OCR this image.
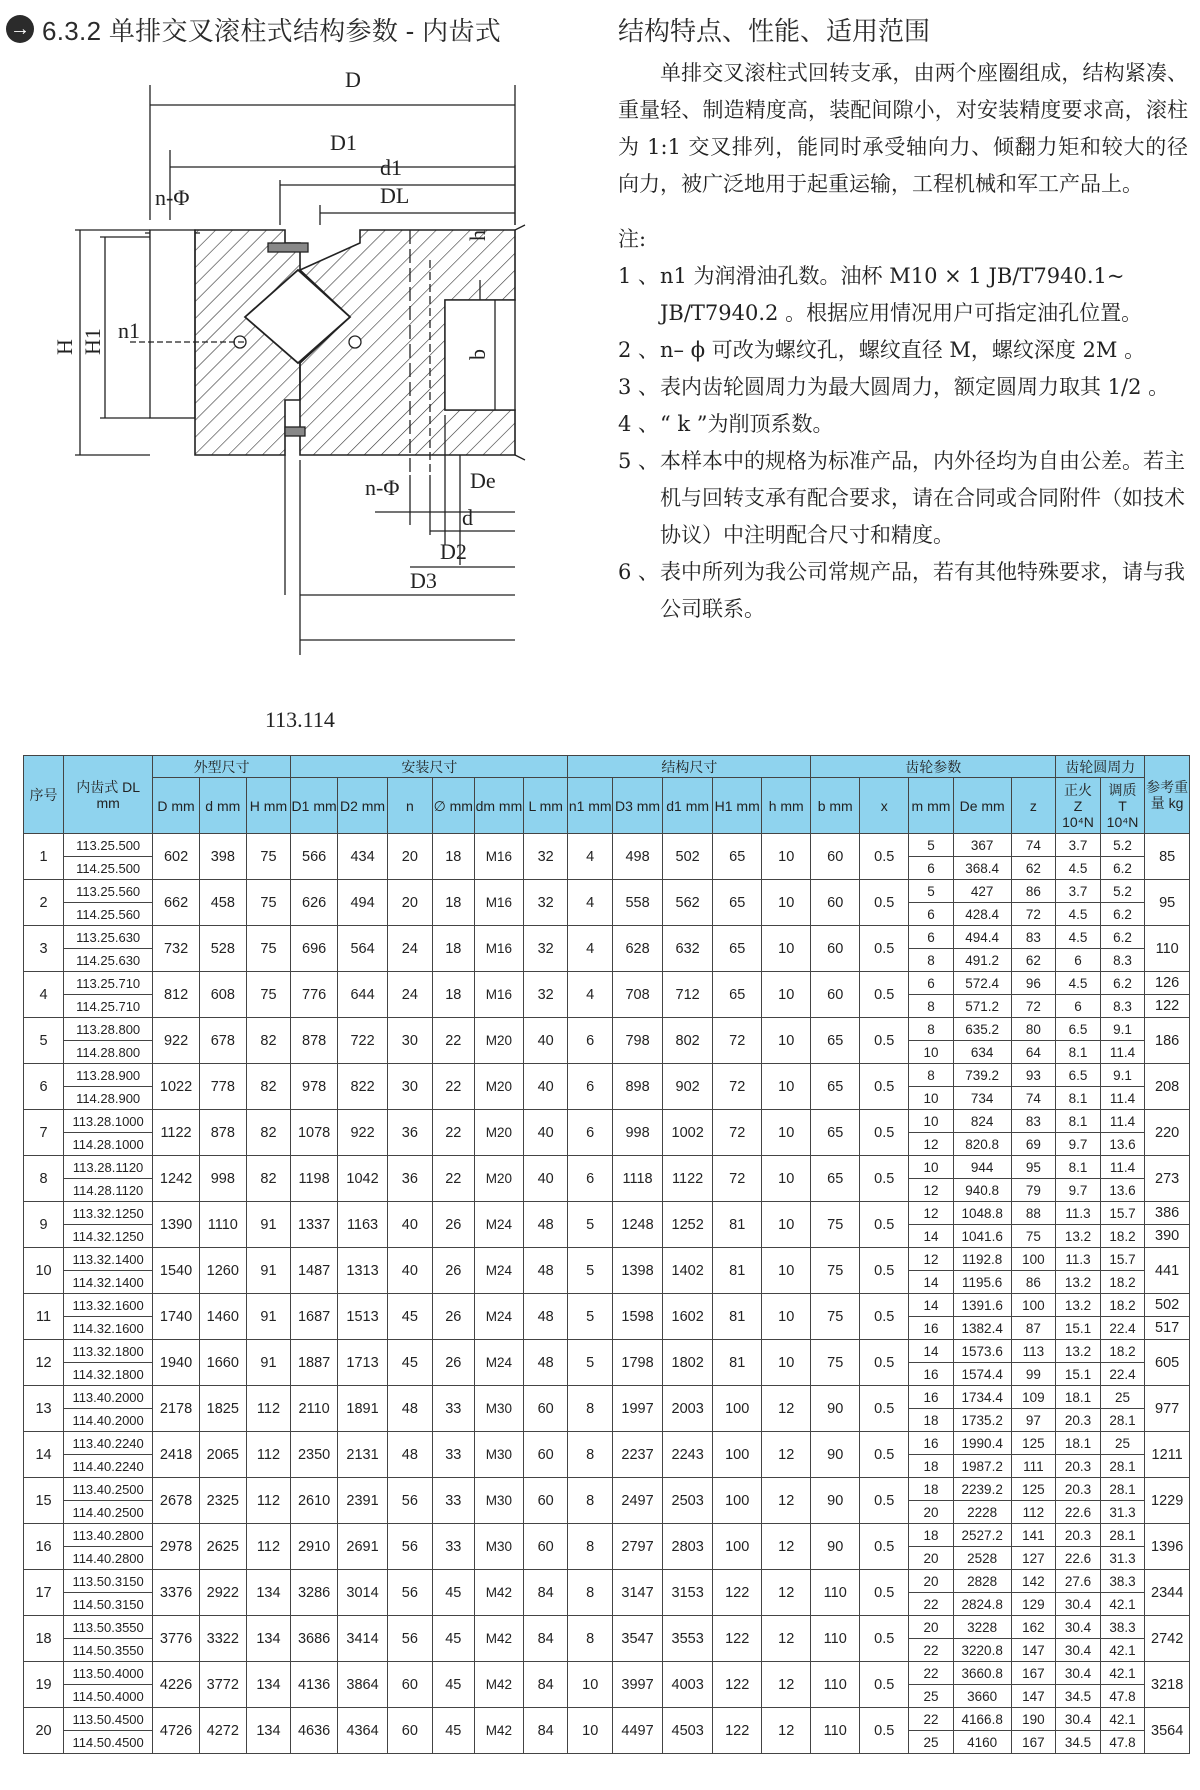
→ 6.3.2 单排交叉滚柱式结构参数 - 内齿式	结构特点、性能、适用范围
D
D1
d1
DL
n-Φ
n1
H H1
h
b
n-Φ	De
d
D2
D3
113.114
单排交叉滚柱式回转支承，由两个座圈组成，结构紧凑、重量轻、制造精度高，装配间隙小，对安装精度要求高，滚柱为 1:1 交叉排列，能同时承受轴向力、倾翻力矩和较大的径向力，被广泛地用于起重运输，工程机械和军工产品上。
注:
1 、 n1 为润滑油孔数。油杯 M10 × 1 JB/T7940.1~ JB/T7940.2 。根据应用情况用户可指定油孔位置。
2 、 n– ϕ 可改为螺纹孔，螺纹直径 M，螺纹深度 2M 。
3 、 表内齿轮圆周力为最大圆周力，额定圆周力取其 1/2 。
4 、 “ k ”为削顶系数。
5 、 本样本中的规格为标准产品，内外径均为自由公差。若主机与回转支承有配合要求，请在合同或合同附件（如技术协议）中注明配合尺寸和精度。
6 、 表中所列为我公司常规产品，若有其他特殊要求，请与我公司联系。
序号	内齿式 DL mm	外型尺寸			安装尺寸						结构尺寸					齿轮参数					齿轮圆周力		参考重量 kg
		D mm	d mm	H mm	D1 mm	D2 mm	n	∅ mm	dm mm	L mm	n1 mm	D3 mm	d1 mm	H1 mm	h mm	b mm	x	m mm	De mm	z	正火
Z
10⁴N	调质
T
10⁴N	
1	113.25.500	602	398	75	566	434	20	18	M16	32	4	498	502	65	10	60	0.5	5	367	74	3.7	5.2	85
	114.25.500																	6	368.4	62	4.5	6.2	
2	113.25.560	662	458	75	626	494	20	18	M16	32	4	558	562	65	10	60	0.5	5	427	86	3.7	5.2	95
	114.25.560																	6	428.4	72	4.5	6.2	
3	113.25.630	732	528	75	696	564	24	18	M16	32	4	628	632	65	10	60	0.5	6	494.4	83	4.5	6.2	110
	114.25.630																	8	491.2	62	6	8.3	
4	113.25.710	812	608	75	776	644	24	18	M16	32	4	708	712	65	10	60	0.5	6	572.4	96	4.5	6.2	126
	114.25.710																	8	571.2	72	6	8.3	122
5	113.28.800	922	678	82	878	722	30	22	M20	40	6	798	802	72	10	65	0.5	8	635.2	80	6.5	9.1	186
	114.28.800																	10	634	64	8.1	11.4	
6	113.28.900	1022	778	82	978	822	30	22	M20	40	6	898	902	72	10	65	0.5	8	739.2	93	6.5	9.1	208
	114.28.900																	10	734	74	8.1	11.4	
7	113.28.1000	1122	878	82	1078	922	36	22	M20	40	6	998	1002	72	10	65	0.5	10	824	83	8.1	11.4	220
	114.28.1000																	12	820.8	69	9.7	13.6	
8	113.28.1120	1242	998	82	1198	1042	36	22	M20	40	6	1118	1122	72	10	65	0.5	10	944	95	8.1	11.4	273
	114.28.1120																	12	940.8	79	9.7	13.6	
9	113.32.1250	1390	1110	91	1337	1163	40	26	M24	48	5	1248	1252	81	10	75	0.5	12	1048.8	88	11.3	15.7	386
	114.32.1250																	14	1041.6	75	13.2	18.2	390
10	113.32.1400	1540	1260	91	1487	1313	40	26	M24	48	5	1398	1402	81	10	75	0.5	12	1192.8	100	11.3	15.7	441
	114.32.1400																	14	1195.6	86	13.2	18.2	
11	113.32.1600	1740	1460	91	1687	1513	45	26	M24	48	5	1598	1602	81	10	75	0.5	14	1391.6	100	13.2	18.2	502
	114.32.1600																	16	1382.4	87	15.1	22.4	517
12	113.32.1800	1940	1660	91	1887	1713	45	26	M24	48	5	1798	1802	81	10	75	0.5	14	1573.6	113	13.2	18.2	605
	114.32.1800																	16	1574.4	99	15.1	22.4	
13	113.40.2000	2178	1825	112	2110	1891	48	33	M30	60	8	1997	2003	100	12	90	0.5	16	1734.4	109	18.1	25	977
	114.40.2000																	18	1735.2	97	20.3	28.1	
14	113.40.2240	2418	2065	112	2350	2131	48	33	M30	60	8	2237	2243	100	12	90	0.5	16	1990.4	125	18.1	25	1211
	114.40.2240																	18	1987.2	111	20.3	28.1	
15	113.40.2500	2678	2325	112	2610	2391	56	33	M30	60	8	2497	2503	100	12	90	0.5	18	2239.2	125	20.3	28.1	1229
	114.40.2500																	20	2228	112	22.6	31.3	
16	113.40.2800	2978	2625	112	2910	2691	56	33	M30	60	8	2797	2803	100	12	90	0.5	18	2527.2	141	20.3	28.1	1396
	114.40.2800																	20	2528	127	22.6	31.3	
17	113.50.3150	3376	2922	134	3286	3014	56	45	M42	84	8	3147	3153	122	12	110	0.5	20	2828	142	27.6	38.3	2344
	114.50.3150																	22	2824.8	129	30.4	42.1	
18	113.50.3550	3776	3322	134	3686	3414	56	45	M42	84	8	3547	3553	122	12	110	0.5	20	3228	162	30.4	38.3	2742
	114.50.3550																	22	3220.8	147	30.4	42.1	
19	113.50.4000	4226	3772	134	4136	3864	60	45	M42	84	10	3997	4003	122	12	110	0.5	22	3660.8	167	30.4	42.1	3218
	114.50.4000																	25	3660	147	34.5	47.8	
20	113.50.4500	4726	4272	134	4636	4364	60	45	M42	84	10	4497	4503	122	12	110	0.5	22	4166.8	190	30.4	42.1	3564
	114.50.4500																	25	4160	167	34.5	47.8	
